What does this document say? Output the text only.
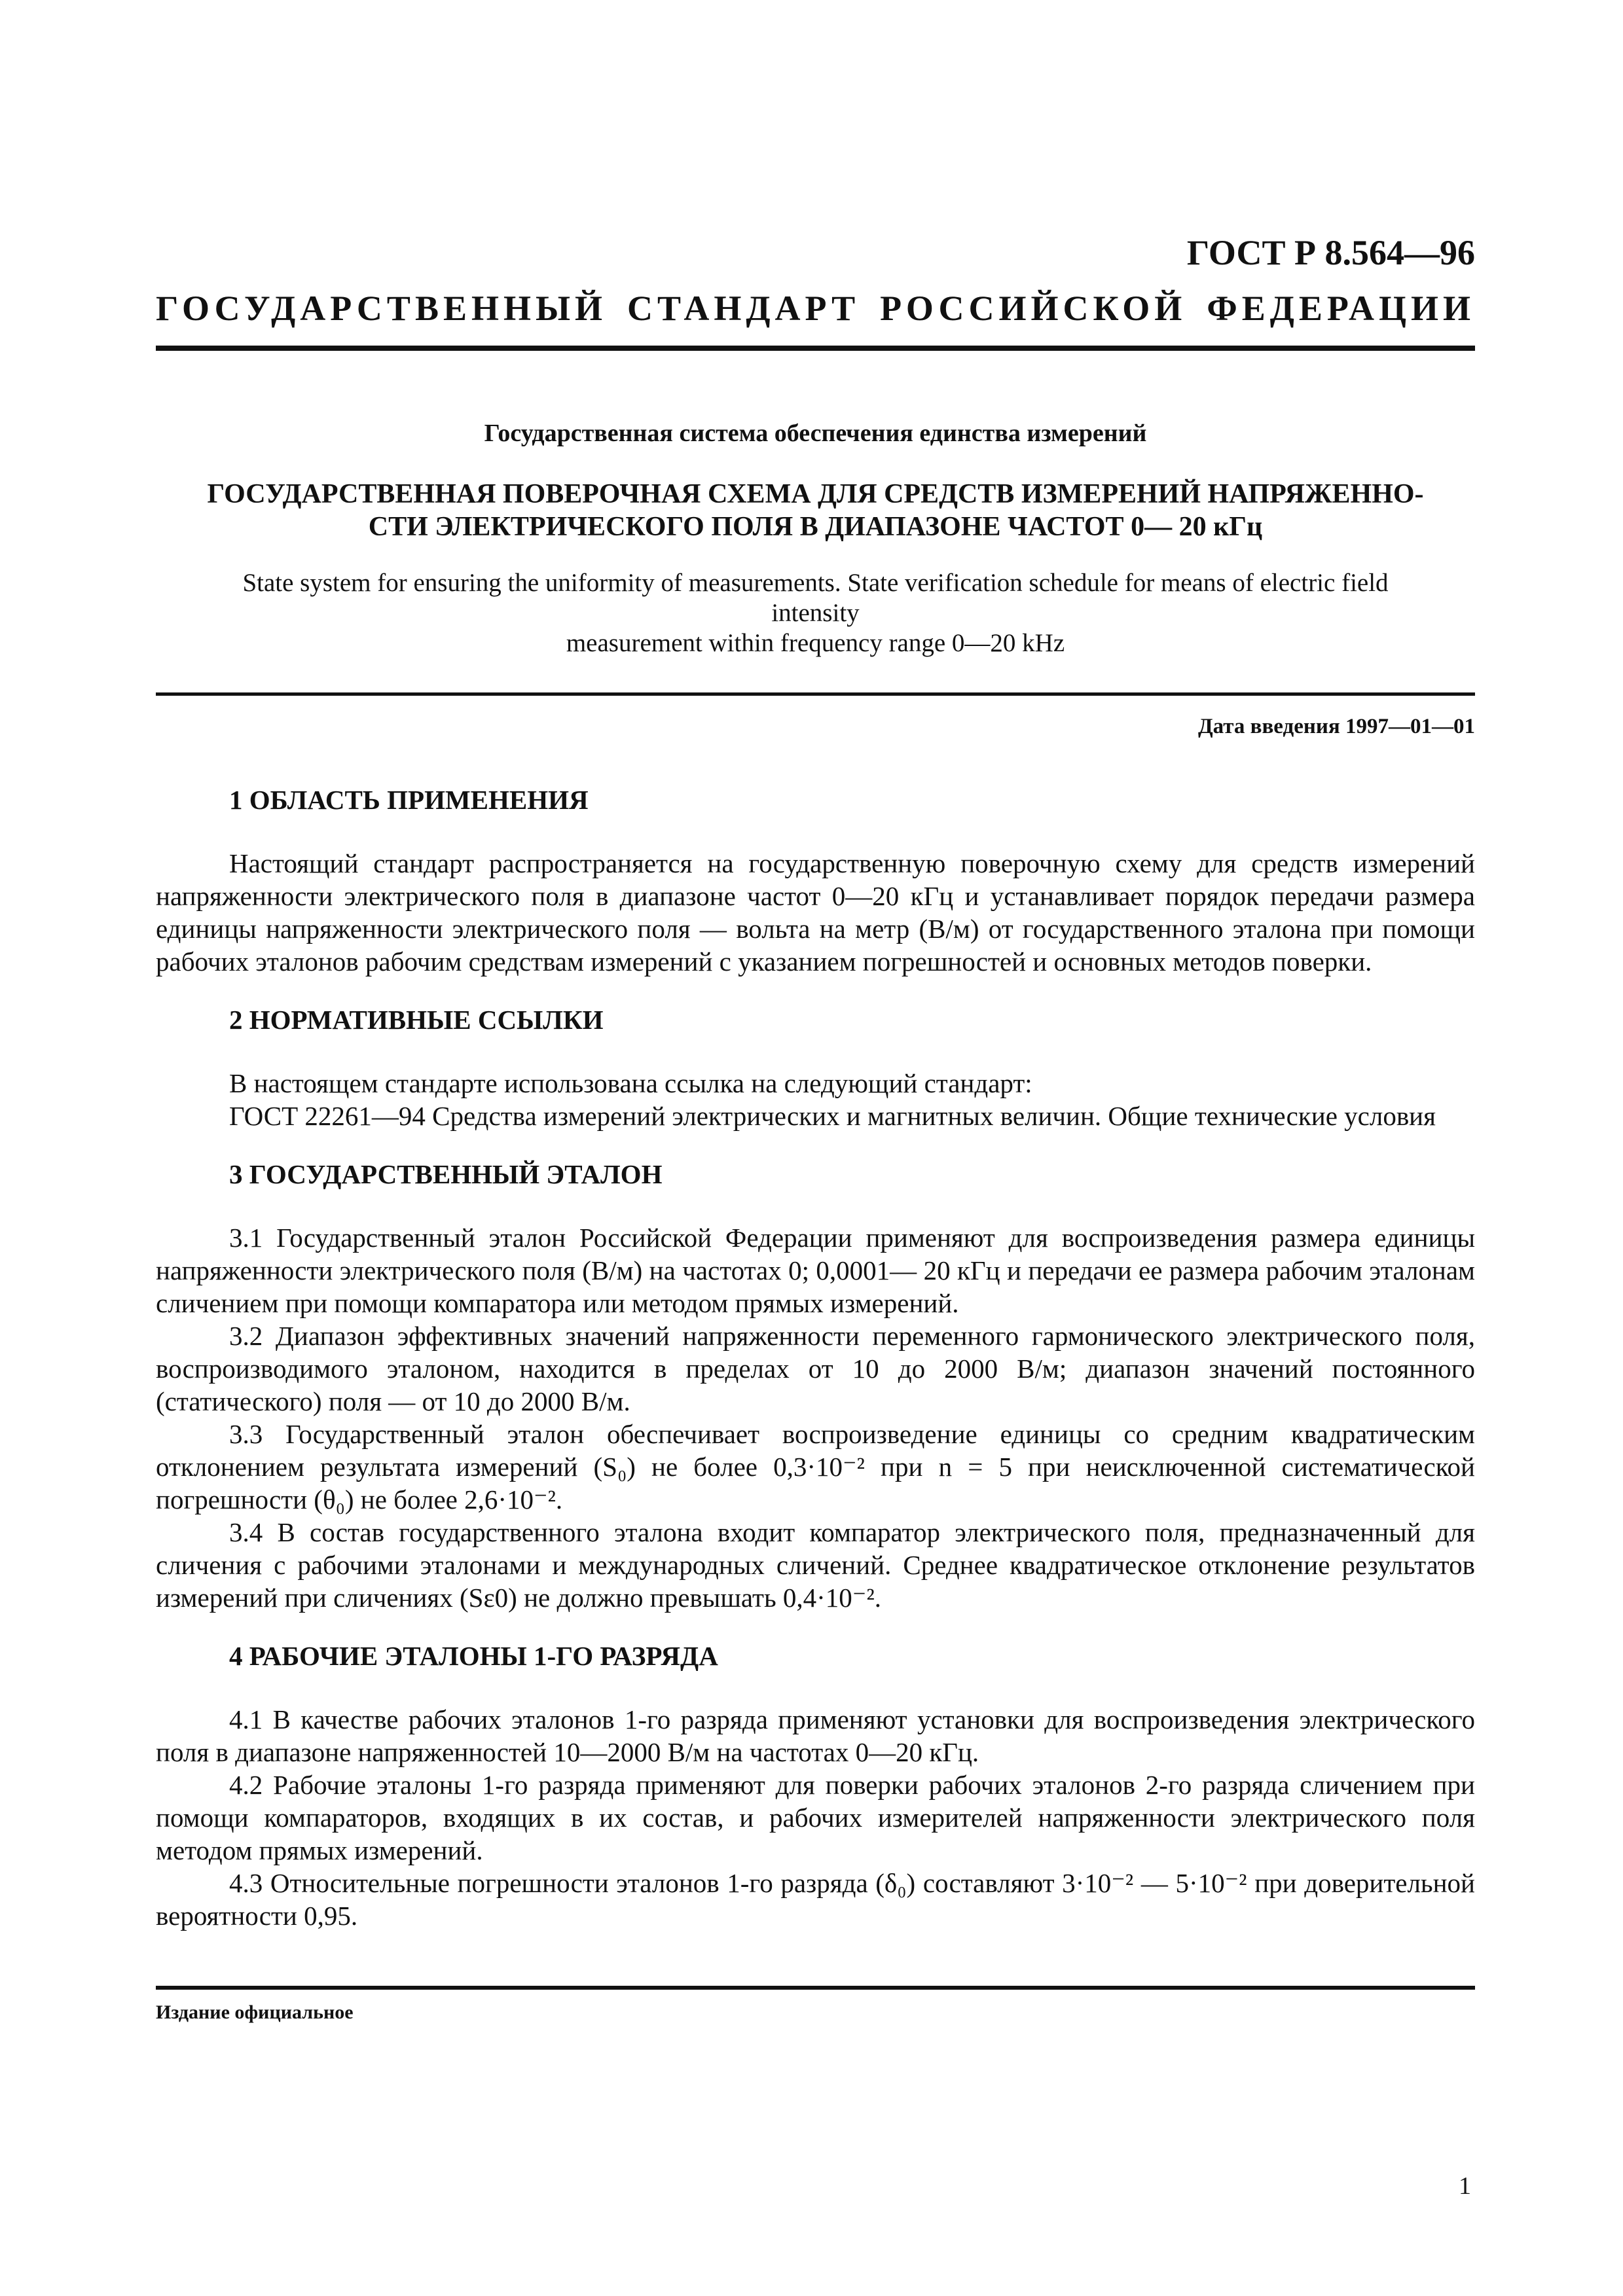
ГОСТ Р 8.564—96
ГОСУДАРСТВЕННЫЙ СТАНДАРТ РОССИЙСКОЙ ФЕДЕРАЦИИ
Государственная система обеспечения единства измерений
ГОСУДАРСТВЕННАЯ ПОВЕРОЧНАЯ СХЕМА ДЛЯ СРЕДСТВ ИЗМЕРЕНИЙ НАПРЯЖЕННО-
СТИ ЭЛЕКТРИЧЕСКОГО ПОЛЯ В ДИАПАЗОНЕ ЧАСТОТ 0— 20 кГц
State system for ensuring the uniformity of measurements. State verification schedule for means of electric field
intensity
measurement within frequency range 0—20 kHz
Дата введения 1997—01—01
1 ОБЛАСТЬ ПРИМЕНЕНИЯ

Настоящий стандарт распространяется на государственную поверочную схему для средств измерений напряженности электрического поля в диапазоне частот 0—20 кГц и устанавливает порядок передачи размера единицы напряженности электрического поля — вольта на метр (В/м) от государственного эталона при помощи рабочих эталонов рабочим средствам измерений с указанием погрешностей и основных методов поверки.

2 НОРМАТИВНЫЕ ССЫЛКИ

В настоящем стандарте использована ссылка на следующий стандарт:

ГОСТ 22261—94 Средства измерений электрических и магнитных величин. Общие технические условия

3 ГОСУДАРСТВЕННЫЙ ЭТАЛОН

3.1 Государственный эталон Российской Федерации применяют для воспроизведения размера единицы напряженности электрического поля (В/м) на частотах 0; 0,0001— 20 кГц и передачи ее размера рабочим эталонам сличением при помощи компаратора или методом прямых измерений.

3.2 Диапазон эффективных значений напряженности переменного гармонического электрического поля, воспроизводимого эталоном, находится в пределах от 10 до 2000 В/м; диапазон значений постоянного (статического) поля — от 10 до 2000 В/м.

3.3 Государственный эталон обеспечивает воспроизведение единицы со средним квадратическим отклонением результата измерений (S₀) не более 0,3·10⁻² при n = 5 при неисключенной систематической погрешности (θ₀) не более 2,6·10⁻².

3.4 В состав государственного эталона входит компаратор электрического поля, предназначенный для сличения с рабочими эталонами и международных сличений. Среднее квадратическое отклонение результатов измерений при сличениях (Sε0) не должно превышать 0,4·10⁻².

4 РАБОЧИЕ ЭТАЛОНЫ 1-ГО РАЗРЯДА

4.1 В качестве рабочих эталонов 1-го разряда применяют установки для воспроизведения электрического поля в диапазоне напряженностей 10—2000 В/м на частотах 0—20 кГц.

4.2 Рабочие эталоны 1-го разряда применяют для поверки рабочих эталонов 2-го разряда сличением при помощи компараторов, входящих в их состав, и рабочих измерителей напряженности электрического поля методом прямых измерений.

4.3 Относительные погрешности эталонов 1-го разряда (δ₀) составляют 3·10⁻² — 5·10⁻² при доверительной вероятности 0,95.

Издание официальное
1
